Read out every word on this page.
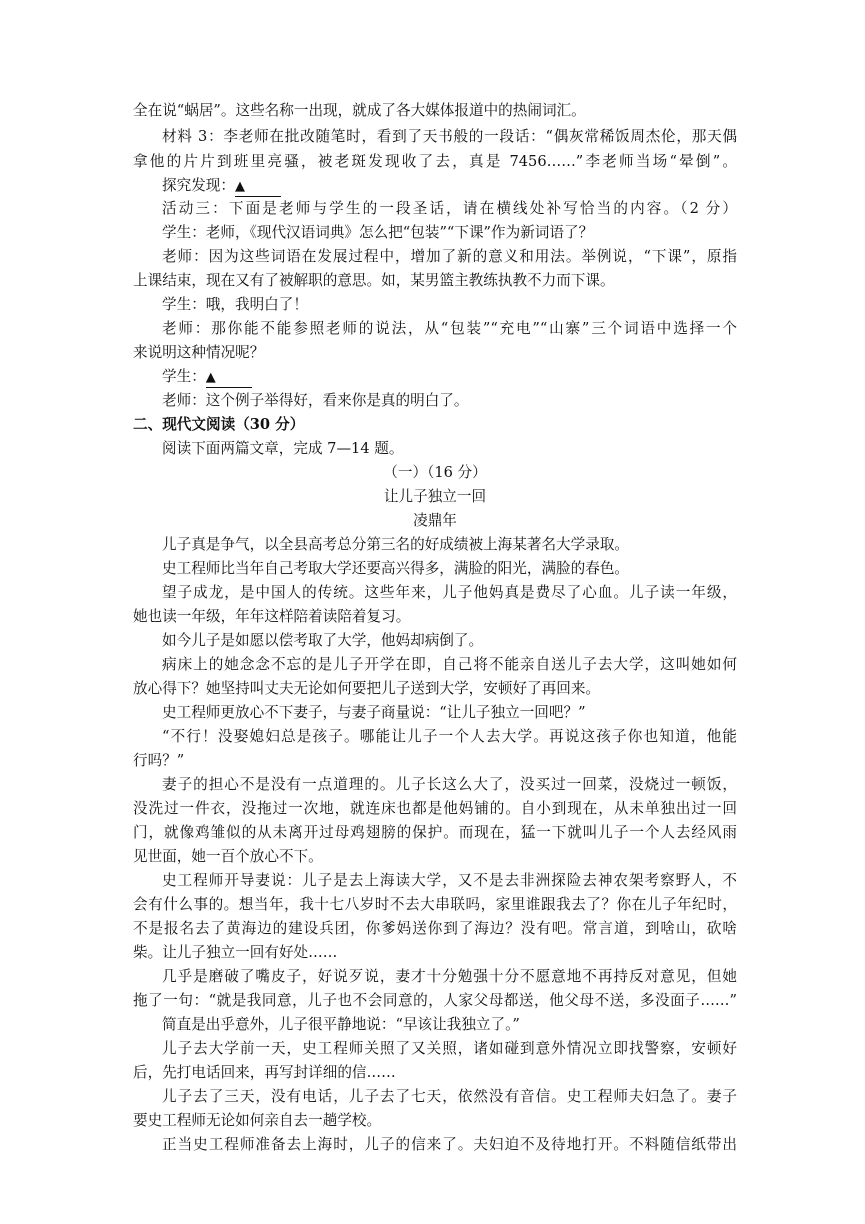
全在说“蜗居”。这些名称一出现，就成了各大媒体报道中的热闹词汇。
材料 3：李老师在批改随笔时，看到了天书般的一段话：“偶灰常稀饭周杰伦，那天偶
拿他的片片到班里亮骚，被老斑发现收了去，真是 7456……”李老师当场“晕倒”。
探究发现：▲
活动三：下面是老师与学生的一段圣话，请在横线处补写恰当的内容。（2 分）
学生：老师，《现代汉语词典》怎么把“包装”“下课”作为新词语了？
老师：因为这些词语在发展过程中，增加了新的意义和用法。举例说，“下课”，原指
上课结束，现在又有了被解职的意思。如，某男篮主教练执教不力而下课。
学生：哦，我明白了！
老师：那你能不能参照老师的说法，从“包装”“充电”“山寨”三个词语中选择一个
来说明这种情况呢？
学生：▲
老师：这个例子举得好，看来你是真的明白了。
二、现代文阅读（30 分）
阅读下面两篇文章，完成 7—14 题。
（一）（16 分）
让儿子独立一回
凌鼎年
儿子真是争气，以全县高考总分第三名的好成绩被上海某著名大学录取。
史工程师比当年自己考取大学还要高兴得多，满脸的阳光，满脸的春色。
望子成龙，是中国人的传统。这些年来，儿子他妈真是费尽了心血。儿子读一年级，
她也读一年级，年年这样陪着读陪着复习。
如今儿子是如愿以偿考取了大学，他妈却病倒了。
病床上的她念念不忘的是儿子开学在即，自己将不能亲自送儿子去大学，这叫她如何
放心得下？她坚持叫丈夫无论如何要把儿子送到大学，安顿好了再回来。
史工程师更放心不下妻子，与妻子商量说：“让儿子独立一回吧？”
“不行！没娶媳妇总是孩子。哪能让儿子一个人去大学。再说这孩子你也知道，他能
行吗？”
妻子的担心不是没有一点道理的。儿子长这么大了，没买过一回菜，没烧过一顿饭，
没洗过一件衣，没拖过一次地，就连床也都是他妈铺的。自小到现在，从未单独出过一回
门，就像鸡雏似的从未离开过母鸡翅膀的保护。而现在，猛一下就叫儿子一个人去经风雨
见世面，她一百个放心不下。
史工程师开导妻说：儿子是去上海读大学，又不是去非洲探险去神农架考察野人，不
会有什么事的。想当年，我十七八岁时不去大串联吗，家里谁跟我去了？你在儿子年纪时，
不是报名去了黄海边的建设兵团，你爹妈送你到了海边？没有吧。常言道，到啥山，砍啥
柴。让儿子独立一回有好处……
几乎是磨破了嘴皮子，好说歹说，妻才十分勉强十分不愿意地不再持反对意见，但她
拖了一句：“就是我同意，儿子也不会同意的，人家父母都送，他父母不送，多没面子……”
简直是出乎意外，儿子很平静地说：“早该让我独立了。”
儿子去大学前一天，史工程师关照了又关照，诸如碰到意外情况立即找警察，安顿好
后，先打电话回来，再写封详细的信……
儿子去了三天，没有电话，儿子去了七天，依然没有音信。史工程师夫妇急了。妻子
要史工程师无论如何亲自去一趟学校。
正当史工程师准备去上海时，儿子的信来了。夫妇迫不及待地打开。不料随信纸带出
